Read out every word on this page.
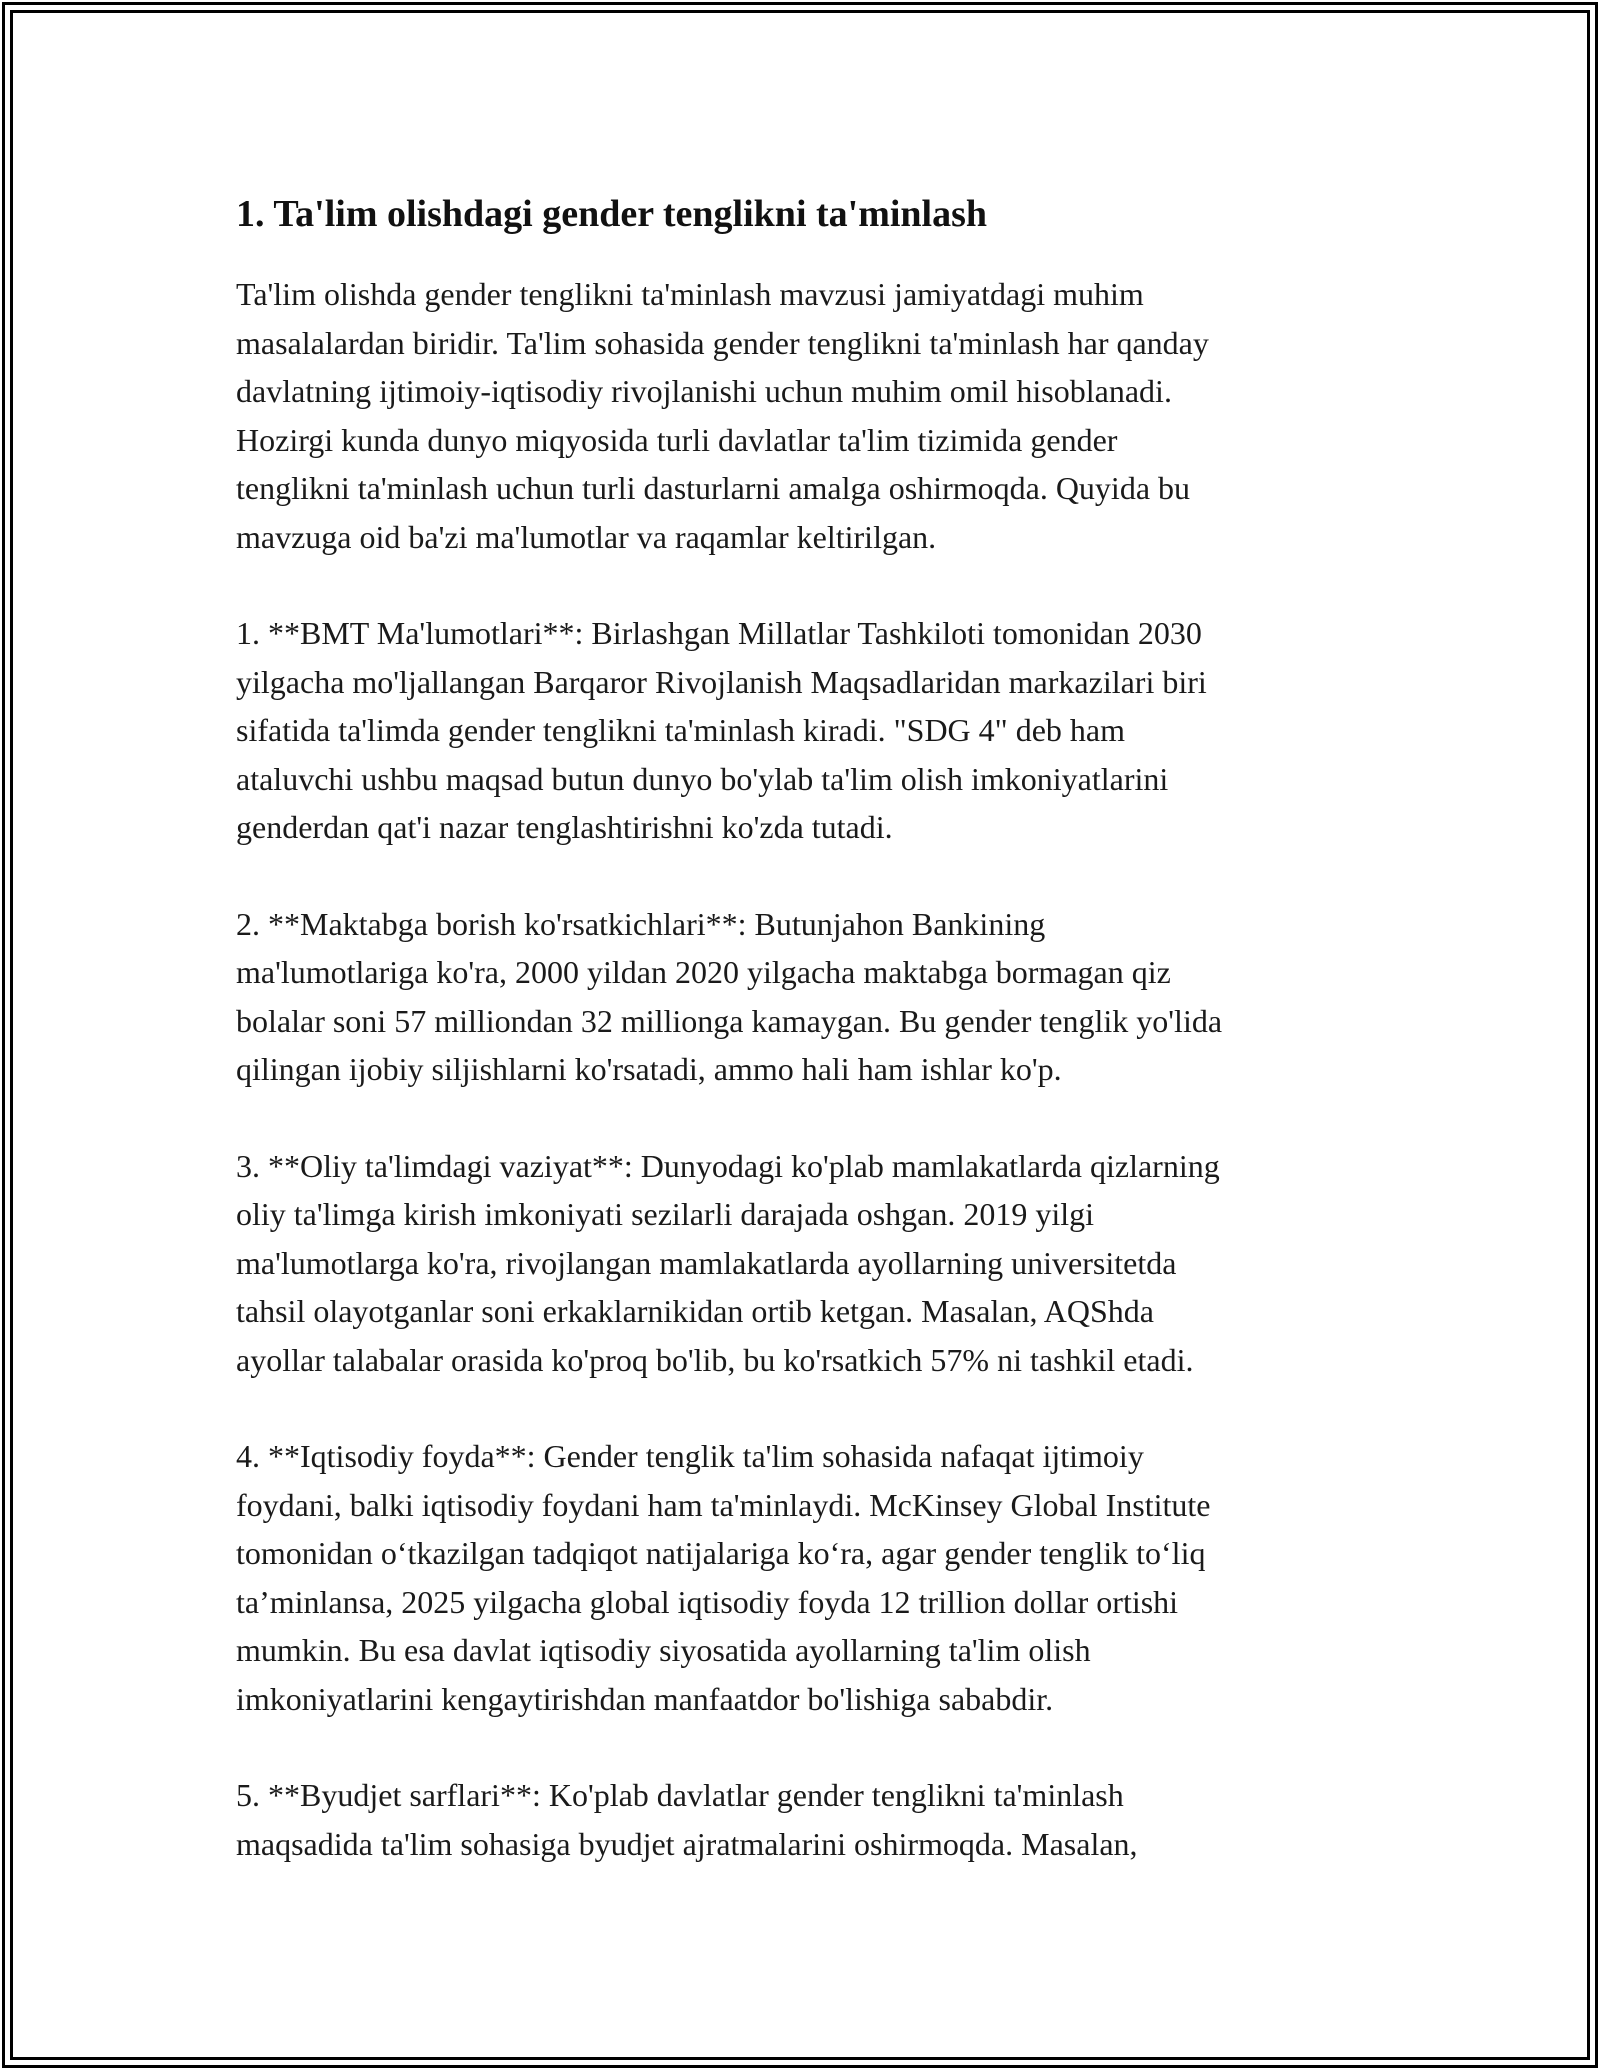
1. Ta'lim olishdagi gender tenglikni ta'minlash

Ta'lim olishda gender tenglikni ta'minlash mavzusi jamiyatdagi muhim
masalalardan biridir. Ta'lim sohasida gender tenglikni ta'minlash har qanday
davlatning ijtimoiy-iqtisodiy rivojlanishi uchun muhim omil hisoblanadi.
Hozirgi kunda dunyo miqyosida turli davlatlar ta'lim tizimida gender
tenglikni ta'minlash uchun turli dasturlarni amalga oshirmoqda. Quyida bu
mavzuga oid ba'zi ma'lumotlar va raqamlar keltirilgan.

1. **BMT Ma'lumotlari**: Birlashgan Millatlar Tashkiloti tomonidan 2030
yilgacha mo'ljallangan Barqaror Rivojlanish Maqsadlaridan markazilari biri
sifatida ta'limda gender tenglikni ta'minlash kiradi. "SDG 4" deb ham
ataluvchi ushbu maqsad butun dunyo bo'ylab ta'lim olish imkoniyatlarini
genderdan qat'i nazar tenglashtirishni ko'zda tutadi.

2. **Maktabga borish ko'rsatkichlari**: Butunjahon Bankining
ma'lumotlariga ko'ra, 2000 yildan 2020 yilgacha maktabga bormagan qiz
bolalar soni 57 milliondan 32 millionga kamaygan. Bu gender tenglik yo'lida
qilingan ijobiy siljishlarni ko'rsatadi, ammo hali ham ishlar ko'p.

3. **Oliy ta'limdagi vaziyat**: Dunyodagi ko'plab mamlakatlarda qizlarning
oliy ta'limga kirish imkoniyati sezilarli darajada oshgan. 2019 yilgi
ma'lumotlarga ko'ra, rivojlangan mamlakatlarda ayollarning universitetda
tahsil olayotganlar soni erkaklarnikidan ortib ketgan. Masalan, AQShda
ayollar talabalar orasida ko'proq bo'lib, bu ko'rsatkich 57% ni tashkil etadi.

4. **Iqtisodiy foyda**: Gender tenglik ta'lim sohasida nafaqat ijtimoiy
foydani, balki iqtisodiy foydani ham ta'minlaydi. McKinsey Global Institute
tomonidan o‘tkazilgan tadqiqot natijalariga ko‘ra, agar gender tenglik to‘liq
ta’minlansa, 2025 yilgacha global iqtisodiy foyda 12 trillion dollar ortishi
mumkin. Bu esa davlat iqtisodiy siyosatida ayollarning ta'lim olish
imkoniyatlarini kengaytirishdan manfaatdor bo'lishiga sababdir.

5. **Byudjet sarflari**: Ko'plab davlatlar gender tenglikni ta'minlash
maqsadida ta'lim sohasiga byudjet ajratmalarini oshirmoqda. Masalan,
